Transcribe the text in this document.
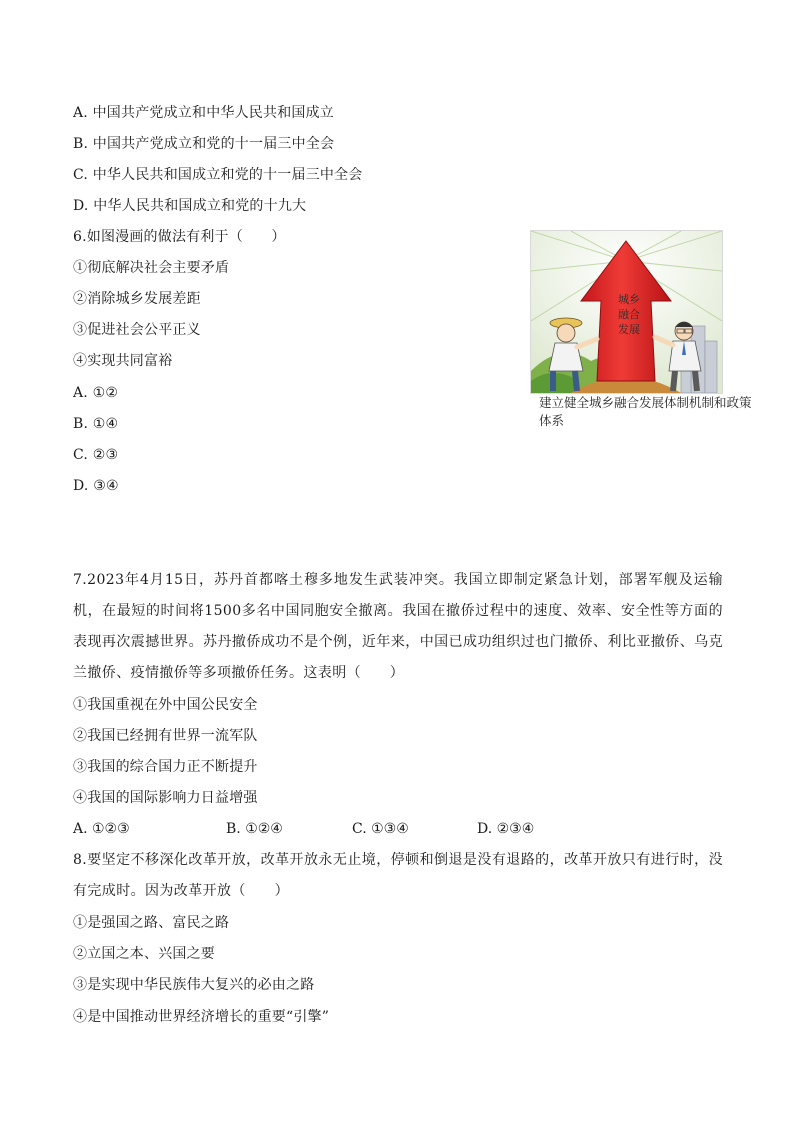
A. 中国共产党成立和中华人民共和国成立
B. 中国共产党成立和党的十一届三中全会
C. 中华人民共和国成立和党的十一届三中全会
D. 中华人民共和国成立和党的十九大
6.如图漫画的做法有利于（　　）
①彻底解决社会主要矛盾
②消除城乡发展差距
③促进社会公平正义
④实现共同富裕
A. ①②
B. ①④
C. ②③
D. ③④
城乡
融合
发展
建立健全城乡融合发展体制机制和政策体系
7.2023年4月15日，苏丹首都喀土穆多地发生武装冲突。我国立即制定紧急计划，部署军舰及运输机，在最短的时间将1500多名中国同胞安全撤离。我国在撤侨过程中的速度、效率、安全性等方面的表现再次震撼世界。苏丹撤侨成功不是个例，近年来，中国已成功组织过也门撤侨、利比亚撤侨、乌克兰撤侨、疫情撤侨等多项撤侨任务。这表明（　　）
①我国重视在外中国公民安全
②我国已经拥有世界一流军队
③我国的综合国力正不断提升
④我国的国际影响力日益增强
A. ①②③	B. ①②④	C. ①③④	D. ②③④
8.要坚定不移深化改革开放，改革开放永无止境，停顿和倒退是没有退路的，改革开放只有进行时，没有完成时。因为改革开放（　　）
①是强国之路、富民之路
②立国之本、兴国之要
③是实现中华民族伟大复兴的必由之路
④是中国推动世界经济增长的重要“引擎”
